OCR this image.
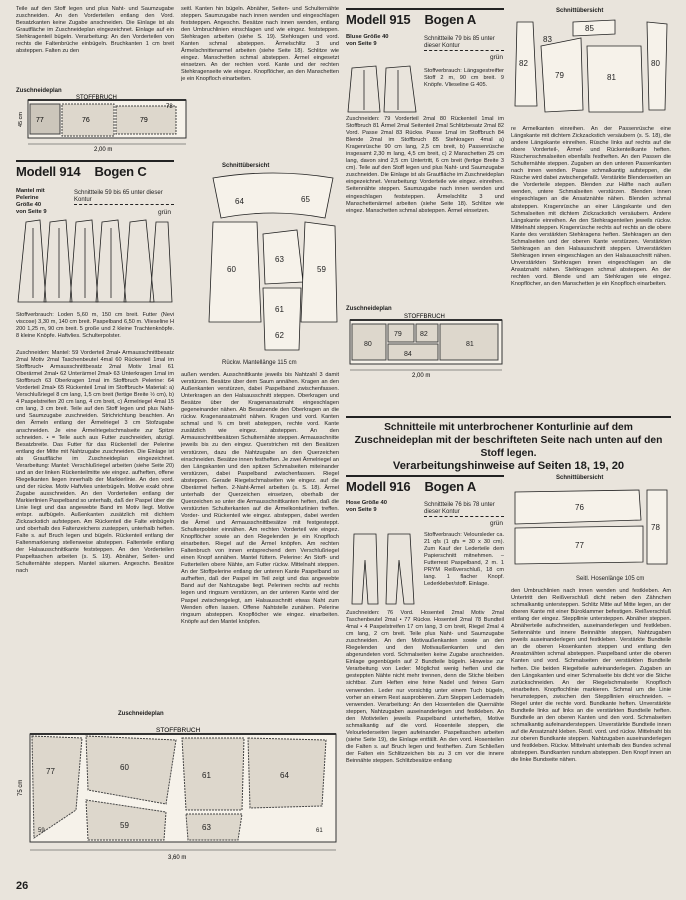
Teile auf den Stoff legen und plus Naht- und Saumzugabe zuschneiden. An den Vorderteilen entlang den Vord. Besatzkanten keine Zugabe anschneiden. Die Einlage ist als Grautfläche im Zuschneideplan eingezeichnet. Einlage auf ein Stehkragenteil bügeln. Verarbeitung: An den Vorderteilen von rechts die Faltenbrüche einbügeln. Bruchkanten 1 cm breit absteppen. Falten zu den

Zuschneideplan
STOFFBRUCH
77	76	79
78
45 cm
2,00 m
Modell 914 Bogen C
Mantel mit Pelerine Größe 40 von Seite 9
Schnittteile 59 bis 65 unter dieser Kontur
grün

Stoffverbrauch: Loden 5,60 m, 150 cm breit. Futter (Nevi viscose) 3,30 m, 140 cm breit. Paspelband 6,50 m. Vlieseline H 200 1,25 m, 90 cm breit. 5 große und 2 kleine Trachtenknöpfe. 8 kleine Knöpfe. Haftvlies. Schulterpolster.

Zuschneiden: Mantel: 59 Vorderteil 2mal• Armausschnittbesatz 2mal Motiv 2mal Taschenbeutel 4mal 60 Rückenteil 1mal im Stoffbruch• Armausschnittbesatz 2mal Motiv 1mal 61 Oberärmel 2mal• 62 Unterärmel 2mal• 63 Unterkragen 1mal im Stoffbruch 63 Oberkragen 1mal im Stoffbruch Pelerine: 64 Vorderteil 2mal• 65 Rückenteil 1mal im Stoffbruch• Material: a) Verschlußriegel 8 cm lang, 1,5 cm breit (fertige Breite ½ cm), b) 4 Paspelstreifen 20 cm lang, 4 cm breit, c) Ärmelriegel 4mal 15 cm lang, 3 cm breit. Teile auf den Stoff legen und plus Naht- und Saumzugabe zuschneiden. Strichrichtung beachten. An den Ärmeln entlang der Ärmelriegel 3 cm Stofzugabe anschneiden. Je eine Ärmelriegelschmalseite zur Spitze schneiden. • = Teile auch aus Futter zuschneiden, abzügl. Besatzbreite. Das Futter für das Rückenteil der Pelerine entlang der Mitte mit Nahtzugabe zuschneiden. Die Einlage ist als Grautfläche im Zuschneideplan eingezeichnet. Verarbeitung: Mantel: Verschlußriegel arbeiten (siehe Seite 20) und an der linken Rückenteilmitte wie eingez. aufheften, offene Riegelkanten liegen innerhalb der Markierlinie. An den vord. und der rückw. Motiv Haftvlies unterbügeln. Motive exakt ohne Zugabe ausschneiden. An den Vorderteilen entlang der Markierlinien Paspelband so unterhalb, daß der Paspel über die Linie liegt und das angewebte Band im Motiv liegt. Motive entspr. aufbügeln. Außenkanten zusätzlich mit dichtem Zickzackstich aufsteppen. Am Rückenteil die Falte einbügeln und oberhalb des Faltenzeichens zusteppen, unterhalb heften. Falte s. auf Bruch legen und bügeln. Rückenteil entlang der Faltenmarkierung stellenweise absteppen. Faltenteile entlang der Halsausschnittkante feststeppen. An den Vorderteilen Paspeltaschen arbeiten (s. S. 19). Abnäher, Seiten- und Schulternähte steppen. Mantel säumen. Angeschn. Besätze nach

seitl. Kanten hin bügeln. Abnäher, Seiten- und Schulternähte steppen. Saumzugabe nach innen wenden und eingeschlagen feststeppen. Angeschn. Besätze nach innen wenden, entlang den Umbruchlinien einschlagen und wie eingez. feststeppen. Stehkragen arbeiten (siehe S. 19). Stehkragen und vord. Kanten schmal absteppen. Ärmelschlitz 3 und Ärmelschnittenarmel arbeiten (siehe Seite 18). Schlitze wie eingez. Manschetten schmal absteppen. Ärmel eingesetzt einsetzen. An der rechten vord. Kante und der rechten Stehkragenseite wie eingez. Knopflöcher, an den Manschetten je ein Knopfloch einarbeiten.

Schnittübersicht
64	65
60
63
59
61
62
Rückw. Mantellänge 115 cm

außen wenden. Ausschnittkante jeweils bis Nahtzahl 3 damit verstürzen. Besätze über dem Saum annähen. Kragen an den Außenkanten verstürzen, dabei Paspelband zwischenfassen. Unterkragen an den Halsausschnitt steppen. Oberkragen und Besätze über der Kragenansatznaht eingeschlagen gegeneinander nähen. Ab Besatzende den Oberkragen an die rückw. Kragenansatznaht nähen. Kragen und vord. Kanten schmal und ¾ cm breit absteppen, rechte vord. Kante zusätzlich wie eingez. absteppen. An den Armausschnittbesätzen Schulternähte steppen. Armausschnitte jeweils bis zu den eingez. Querstrichen mit den Besätzen verstürzen, dazu die Nahtzugabe an den Querzeichen einschneiden. Besätze innen festheften. Je zwei Ärmelriegel an den Längskanten und den spitzen Schmalseiten miteinander verstürzen, dabei Paspelband zwischenfassen. Riegel absteppen. Gerade Riegelschmalseiten wie eingez. auf die Oberärmel heften. 2-Naht-Ärmel arbeiten (s. S. 18). Ärmel unterhalb der Querzeichen einsetzen, oberhalb der Querzeichen so unter die Armausschnittkanten heften, daß die verstürzten Schulterkanten auf die Ärmelkonturlinien treffen. Vorder- und Rückenteil wie eingez. absteppen, dabei werden die Ärmel und Armausschnittbesätze mit festgesteppt. Schulterpolster einnähen. Am rechten Vorderteil wie eingez. Knopflöcher sowie an den Riegelenden je ein Knopfloch einarbeiten. Riegel auf die Ärmel knöpfen. Am rechten Faltenbruch von innen entsprechend dem Verschlußriegel einen Knopf annähen. Mantel füttern. Pelerine: An Stoff- und Futterteilen obere Nähte, am Futter rückw. Mittelnaht steppen. An der Stoffpelerine entlang der unteren Kante Paspelband so aufheften, daß der Paspel im Teil zeigt und das angewebte Band auf der Nahtzugabe liegt. Pelerinen rechts auf rechts legen und ringsum verstürzen, an der unteren Kante wird der Paspel zwischengelegt, am Halsausschnitt etwas Naht zum Wenden offen lassen. Offene Nahtstelle zunähen. Pelerine ringsum absteppen. Knopflöcher wie eingez. einarbeiten. Knöpfe auf den Mantel knöpfen.

Zuschneideplan
STOFFBRUCH
77	60
59
61	64
63
59	61
75 cm
3,60 m
Modell 915 Bogen A
Bluse Größe 40 von Seite 9
Schnittteile 79 bis 85 unter dieser Kontur
grün

Stoffverbrauch: Längsgestreifter Stoff 2 m, 90 cm breit. 9 Knöpfe. Vlieseline G 405.

Zuschneiden: 79 Vorderteil 2mal 80 Rückenteil 1mal im Stoffbruch 81 Ärmel 2mal Seitenteil 2mal Schlitzbesatz 2mal 82 Vord. Passe 2mal 83 Rückw. Passe 1mal im Stoffbruch 84 Blende 2mal im Stoffbruch 85 Stehkragen 4mal a) Kragenrüsche 90 cm lang, 2,5 cm breit, b) Passenrüsche insgesamt 2,30 m lang, 4,5 cm breit, c) 2 Manschetten 25 cm lang, davon sind 2,5 cm Untertritt, 6 cm breit (fertige Breite 3 cm). Teile auf den Stoff legen und plus Naht- und Saumzugabe zuschneiden. Die Einlage ist als Grautfläche im Zuschneideplan eingezeichnet. Verarbeitung: Vorderteile wie eingez. einreihen. Seitennähte steppen. Saumzugabe nach innen wenden und eingeschlagen feststeppen. Ärmelschlitz 3 und Manschettenärmel arbeiten (siehe Seite 18). Schlitze wie eingez. Manschetten schmal absteppen. Ärmel einsetzen.

Zuschneideplan
STOFFBRUCH
80
79	82
84
81
2,00 m
Schnittübersicht
82
79
85
81
80
83

re Ärmelkanten einreihen. An der Passenrüsche eine Längskante mit dichtem Zickzackstich versäubern (s. S. 18), die andere Längskante einreihen. Rüsche links auf rechts auf die obere Vorderteil-, Ärmel- und Rückenteilkante heften. Rüschenschmalseiten ebenfalls festheften. An den Passen die Schulternähte steppen. Zugaben an den unteren Passenkanten nach innen wenden. Passe schmalkantig aufsteppen, die Rüsche wird dabei zwischengefaßt. Verstärkte Blendenseiten an die Vorderteile steppen. Blenden zur Hälfte nach außen wenden, untere Schmalseiten verstürzen. Blenden innen eingeschlagen an die Ansatznähte nähen. Blenden schmal absteppen. Kragenrüsche an einer Längskante und den Schmalseiten mit dichtem Zickzackstich versäubern. Andere Längskante einreihen. An den Stehkragenteilen jeweils rückw. Mittelnaht steppen. Kragenrüsche rechts auf rechts an die obere Kante des verstärkten Stehkragens heften. Stehkragen an den Schmalseiten und der oberen Kante verstürzen. Verstärkten Stehkragen an den Halsausschnitt steppen. Unverstärkten Stehkragen innen eingeschlagen an den Halsausschnitt nähen. Unverstärkten Stehkragen innen eingeschlagen an die Ansatznaht nähen. Stehkragen schmal absteppen. An der rechten vord. Blende und am Stehkragen wie eingez. Knopflöcher, an den Manschetten je ein Knopfloch einarbeiten.

Schnitteile mit unterbrochener Konturlinie auf dem Zuschneideplan mit der beschrifteten Seite nach unten auf den Stoff legen.
Verarbeitungshinweise auf Seiten 18, 19, 20
Modell 916 Bogen A
Hose Größe 40 von Seite 9
Schnittteile 76 bis 78 unter dieser Kontur
grün

Stoffverbrauch: Veloursleder ca. 21 qfs (1 qfs = 30 x 30 cm). Zum Kauf der Lederteile dem Papierschnitt mitnehmen. – Futterrest Paspelband, 2 m. 1 PRYM Reißverschluß, 18 cm lang. 1 flacher Knopf. Lederkleber/stoff. Einlage.

Zuschneiden: 76 Vord. Hosenteil 2mal Motiv 2mal Taschenbeutel 2mal • 77 Rückw. Hosenteil 2mal 78 Bundteil 4mal • 4 Paspelstreifen 17 cm lang, 3 cm breit, Riegel 2mal 4 cm lang, 2 cm breit. Teile plus Naht- und Saumzugabe zuschneiden. An den Motivaußenkanten sowie an den Riegelenden und den Motivaußenkanten und den abgerundeten vord. Schmalseiten keine Zugabe anschneiden. Einlage gegenbügeln auf 2 Bundteile bügeln. Hinweise zur Verarbeitung von Leder: Möglichst wenig heften und die gesteppten Nähte nicht mehr trennen, denn die Stiche bleiben sichtbar. Zum Heften eine feine Nadel und feines Garn verwenden. Leder nur vorsichtig unter einem Tuch bügeln, vorher an einem Rest ausprobieren. Zum Steppen Ledernadeln verwenden. Verarbeitung: An den Hosenteilen die Quernähte steppen, Nahtzugaben auseinanderlegen und festkleben. An den Motivteilen jeweils Paspelband unterheften, Motive schmalkantig auf die vord. Hosenteile steppen, die Velourlederseiten liegen aufeinander. Paspeltaschen arbeiten (siehe Seite 19), die Einlage entfällt. An den vord. Hosenteilen die Falten s. auf Bruch legen und festheften. Zum Schließen der Falten ein Schlitzzeichen bis zu 3 cm vor die innere Beinnähte steppen. Schlitzbesätze entlang

Schnittübersicht
76
77
78
Seitl. Hosenlänge 105 cm

den Umbruchlinien nach innen wenden und festkleben. Am Untertritt den Reißverschluß dicht neben den Zähnchen schmalkantig untersteppen. Schlitz Mitte auf Mitte legen, an der oberen Kante mit einer Büroklammer befestigen. Reißverschluß entlang der eingez. Steppllinie untersteppen. Abnäher steppen. Abnäherteile aufschneiden, auseinanderlegen und festkleben. Seitennähte und innere Beinnähte steppen, Nahtzugaben jeweils auseinanderlegen und festkleben. Verstärkte Bundteile an die oberen Hosenkanten steppen und entlang den Ansatznähten schmal absteppen. Paspelband unter die oberen Kanten und vord. Schmalseiten der verstärkten Bundteile heften. Die beiden Riegelteile aufeinanderlegen. Zugaben an den Längskanten und einer Schmalseite bis dicht vor die Stiche zurückschneiden. An der Riegelschmalseite Knopfloch einarbeiten. Knopflochlinie markieren. Schmal um die Linie herumsteppen, zwischen den Steppllinien einschneiden. – Riegel unter die rechte vord. Bundkante heften. Unverstärkte Bundteile links auf links an die verstärkten Bundteile heften. Bundteile an den oberen Kanten und den vord. Schmalseiten schmalkantig aufeinandersteppen. Unverstärkte Bundteile innen auf die Ansatznaht kleben. Restl. vord. und rückw. Mittelnaht bis zur oberen Bundkante steppen. Nahtzugaben auseinanderlegen und festkleben. Rückw. Mittelnaht unterhalb des Bundes schmal absteppen. Bundkanten rundum absteppen. Den Knopf innen an die linke Bundseite nähen.

26
